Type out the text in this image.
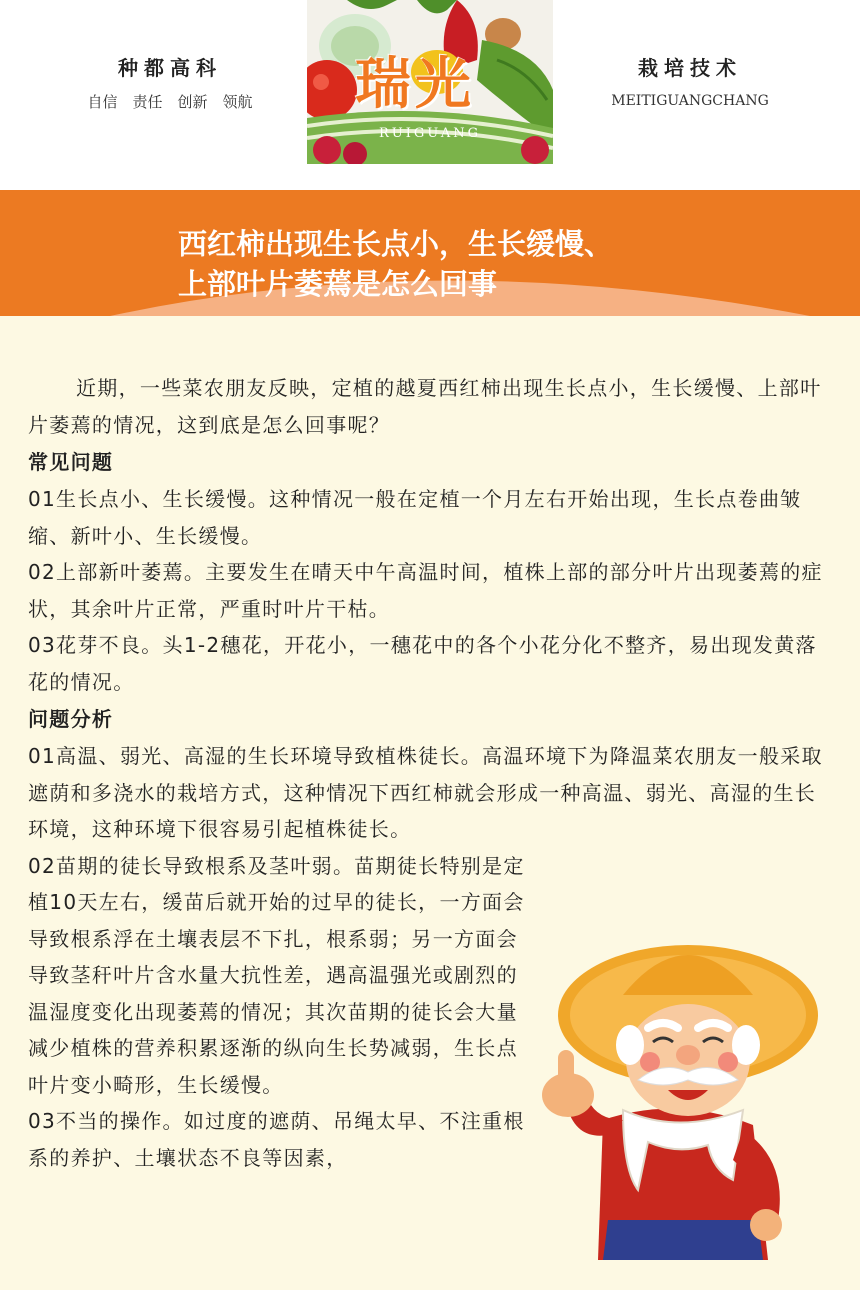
种都高科
自信　责任　创新　领航	瑞光
RUIGUANG
栽培技术
MEITIGUANGCHANG
西红柿出现生长点小，生长缓慢、
上部叶片萎蔫是怎么回事

近期，一些菜农朋友反映，定植的越夏西红柿出现生长点小，生长缓慢、上部叶片萎蔫的情况，这到底是怎么回事呢？

常见问题

01生长点小、生长缓慢。这种情况一般在定植一个月左右开始出现，生长点卷曲皱缩、新叶小、生长缓慢。

02上部新叶萎蔫。主要发生在晴天中午高温时间，植株上部的部分叶片出现萎蔫的症状，其余叶片正常，严重时叶片干枯。

03花芽不良。头1-2穗花，开花小，一穗花中的各个小花分化不整齐，易出现发黄落花的情况。

问题分析

01高温、弱光、高湿的生长环境导致植株徒长。高温环境下为降温菜农朋友一般采取遮荫和多浇水的栽培方式，这种情况下西红柿就会形成一种高温、弱光、高湿的生长环境，这种环境下很容易引起植株徒长。

02苗期的徒长导致根系及茎叶弱。苗期徒长特别是定植10天左右，缓苗后就开始的过早的徒长，一方面会导致根系浮在土壤表层不下扎，根系弱；另一方面会导致茎秆叶片含水量大抗性差，遇高温强光或剧烈的温湿度变化出现萎蔫的情况；其次苗期的徒长会大量减少植株的营养积累逐渐的纵向生长势减弱，生长点叶片变小畸形，生长缓慢。

03不当的操作。如过度的遮荫、吊绳太早、不注重根系的养护、土壤状态不良等因素，
